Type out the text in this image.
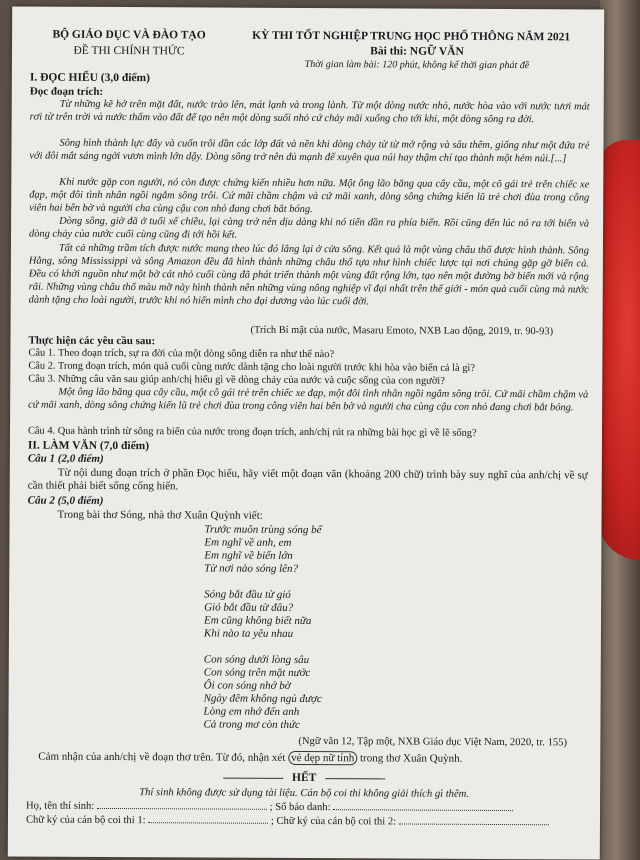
BỘ GIÁO DỤC VÀ ĐÀO TẠO
ĐỀ THI CHÍNH THỨC
KỲ THI TỐT NGHIỆP TRUNG HỌC PHỔ THÔNG NĂM 2021
Bài thi: NGỮ VĂN
Thời gian làm bài: 120 phút, không kể thời gian phát đề
I. ĐỌC HIỂU (3,0 điểm)
Đọc đoạn trích:
Từ những kẽ hở trên mặt đất, nước trào lên, mát lạnh và trong lành. Từ một dòng nước nhỏ, nước hòa vào với nước tươi mát rơi từ trên trời và nước thấm vào đất để tạo nên một dòng suối nhỏ cứ chảy mãi xuống cho tới khi, một dòng sông ra đời.
Sông hình thành lực đẩy và cuốn trôi dần các lớp đất và nền khi dòng chảy từ từ mở rộng và sâu thêm, giống như một đứa trẻ với đôi mắt sáng ngời vươn mình lớn dậy. Dòng sông trở nên đủ mạnh để xuyên qua núi hay thậm chí tạo thành một hẻm núi.[...]
Khi nước gặp con người, nó còn được chứng kiến nhiều hơn nữa. Một ông lão băng qua cây cầu, một cô gái trẻ trên chiếc xe đạp, một đôi tình nhân ngồi ngắm sông trôi. Cứ mãi chầm chậm và cứ mãi xanh, dòng sông chứng kiến lũ trẻ chơi đùa trong công viên hai bên bờ và người cha cùng cậu con nhỏ đang chơi bắt bóng.
Dòng sông, giờ đã ở tuổi xế chiều, lại càng trở nên dịu dàng khi nó tiến dần ra phía biển. Rồi cũng đến lúc nó ra tới biển và dòng chảy của nước cuối cùng cũng đi tới hồi kết.
Tất cả những trầm tích được nước mang theo lúc đó lắng lại ở cửa sông. Kết quả là một vùng châu thổ được hình thành. Sông Hằng, sông Mississippi và sông Amazon đều đã hình thành những châu thổ tựa như hình chiếc lược tại nơi chúng gặp gỡ biển cả. Đều có khởi nguồn như một bờ cát nhỏ cuối cùng đã phát triển thành một vùng đất rộng lớn, tạo nên một đường bờ biển mới và rộng rãi. Những vùng châu thổ màu mỡ này hình thành nên những vùng nông nghiệp vĩ đại nhất trên thế giới - món quà cuối cùng mà nước dành tặng cho loài người, trước khi nó hiến mình cho đại dương vào lúc cuối đời.
(Trích Bí mật của nước, Masaru Emoto, NXB Lao động, 2019, tr. 90-93)
Thực hiện các yêu cầu sau:
Câu 1. Theo đoạn trích, sự ra đời của một dòng sông diễn ra như thế nào?
Câu 2. Trong đoạn trích, món quà cuối cùng nước dành tặng cho loài người trước khi hòa vào biển cả là gì?
Câu 3. Những câu văn sau giúp anh/chị hiểu gì về dòng chảy của nước và cuộc sống của con người?
Một ông lão băng qua cây cầu, một cô gái trẻ trên chiếc xe đạp, một đôi tình nhân ngồi ngắm sông trôi. Cứ mãi chầm chậm và cứ mãi xanh, dòng sông chứng kiến lũ trẻ chơi đùa trong công viên hai bên bờ và người cha cùng cậu con nhỏ đang chơi bắt bóng.
Câu 4. Qua hành trình từ sông ra biển của nước trong đoạn trích, anh/chị rút ra những bài học gì về lẽ sống?
II. LÀM VĂN (7,0 điểm)
Câu 1 (2,0 điểm)
Từ nội dung đoạn trích ở phần Đọc hiểu, hãy viết một đoạn văn (khoảng 200 chữ) trình bày suy nghĩ của anh/chị về sự cần thiết phải biết sống cống hiến.
Câu 2 (5,0 điểm)
Trong bài thơ Sóng, nhà thơ Xuân Quỳnh viết:
Trước muôn trùng sóng bể
Em nghĩ về anh, em
Em nghĩ về biển lớn
Từ nơi nào sóng lên?
Sóng bắt đầu từ gió
Gió bắt đầu từ đâu?
Em cũng không biết nữa
Khi nào ta yêu nhau
Con sóng dưới lòng sâu
Con sóng trên mặt nước
Ôi con sóng nhớ bờ
Ngày đêm không ngủ được
Lòng em nhớ đến anh
Cả trong mơ còn thức
(Ngữ văn 12, Tập một, NXB Giáo dục Việt Nam, 2020, tr. 155)
Cảm nhận của anh/chị về đoạn thơ trên. Từ đó, nhận xét vẻ đẹp nữ tính trong thơ Xuân Quỳnh.
HẾT
Thí sinh không được sử dụng tài liệu. Cán bộ coi thi không giải thích gì thêm.
Họ, tên thí sinh:	; Số báo danh:
Chữ ký của cán bộ coi thi 1:	; Chữ ký của cán bộ coi thi 2:
